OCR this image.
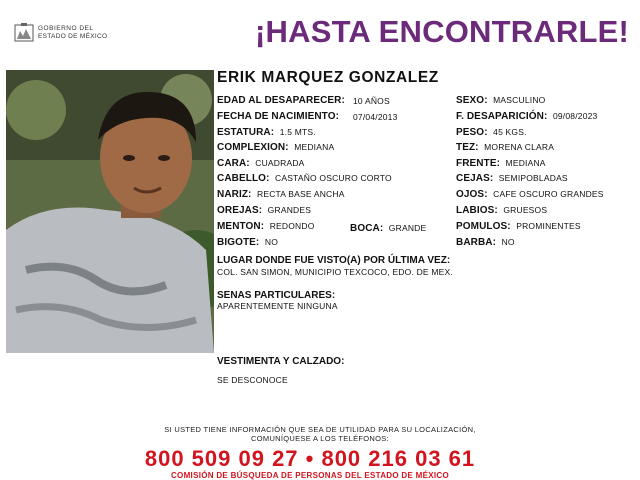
GOBIERNO DEL
ESTADO DE MÉXICO	¡HASTA ENCONTRARLE!
ERIK MARQUEZ GONZALEZ
EDAD AL DESAPARECER: 10 AÑOS
FECHA DE NACIMIENTO: 07/04/2013
ESTATURA: 1.5 MTS.
COMPLEXION: MEDIANA
CARA: CUADRADA
CABELLO: CASTAÑO OSCURO CORTO
NARIZ: RECTA BASE ANCHA
OREJAS: GRANDES
MENTON: REDONDO	BOCA: GRANDE
BIGOTE: NO
SEXO: MASCULINO
F. DESAPARICIÓN: 09/08/2023
PESO: 45 KGS.
TEZ: MORENA CLARA
FRENTE: MEDIANA
CEJAS: SEMIPOBLADAS
OJOS: CAFE OSCURO GRANDES
LABIOS: GRUESOS
POMULOS: PROMINENTES
BARBA: NO
LUGAR DONDE FUE VISTO(A) POR ÚLTIMA VEZ:
COL. SAN SIMON, MUNICIPIO TEXCOCO, EDO. DE MEX.
SENAS PARTICULARES:
APARENTEMENTE NINGUNA
VESTIMENTA Y CALZADO:
SE DESCONOCE
SI USTED TIENE INFORMACIÓN QUE SEA DE UTILIDAD PARA SU LOCALIZACIÓN,
COMUNÍQUESE A LOS TELÉFONOS:
800 509 09 27 • 800 216 03 61
COMISIÓN DE BÚSQUEDA DE PERSONAS DEL ESTADO DE MÉXICO
